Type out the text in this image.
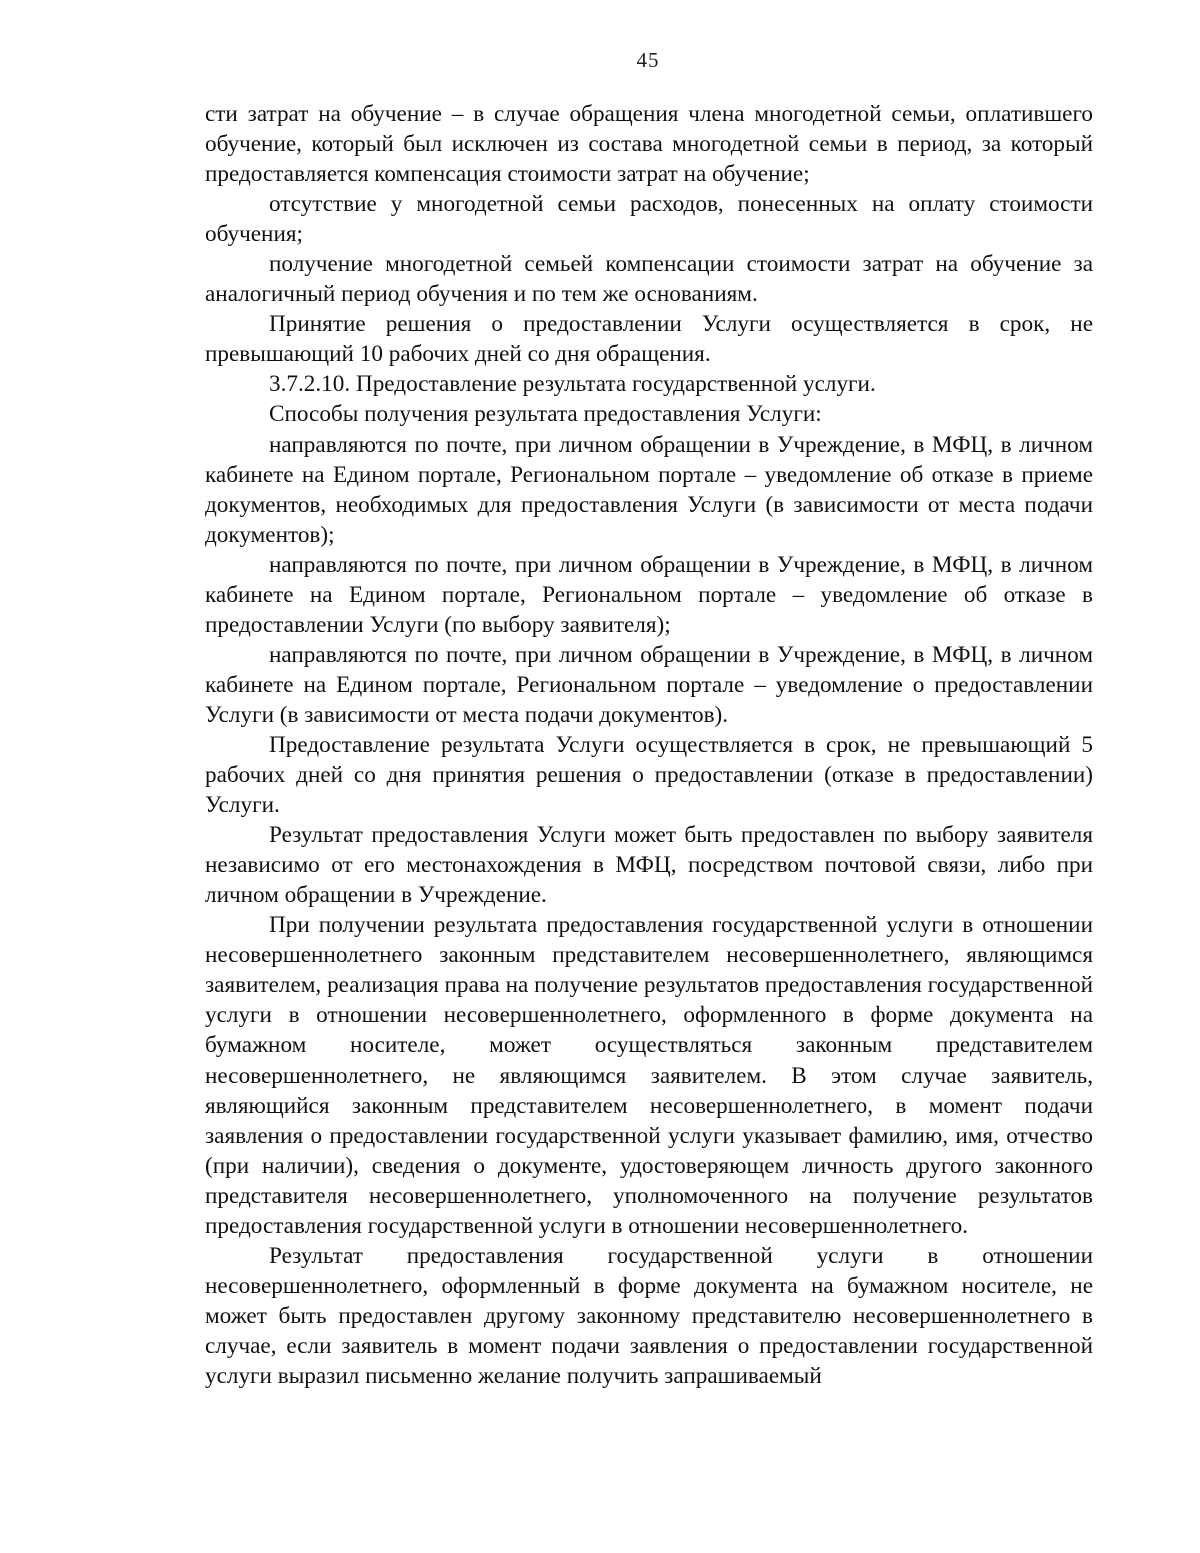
45

сти затрат на обучение – в случае обращения члена многодетной семьи, оплатившего обучение, который был исключен из состава многодетной семьи в период, за который предоставляется компенсация стоимости затрат на обучение;

отсутствие у многодетной семьи расходов, понесенных на оплату стоимости обучения;

получение многодетной семьей компенсации стоимости затрат на обучение за аналогичный период обучения и по тем же основаниям.

Принятие решения о предоставлении Услуги осуществляется в срок, не превышающий 10 рабочих дней со дня обращения.

3.7.2.10. Предоставление результата государственной услуги.

Способы получения результата предоставления Услуги:

направляются по почте, при личном обращении в Учреждение, в МФЦ, в личном кабинете на Едином портале, Региональном портале – уведомление об отказе в приеме документов, необходимых для предоставления Услуги (в зависимости от места подачи документов);

направляются по почте, при личном обращении в Учреждение, в МФЦ, в личном кабинете на Едином портале, Региональном портале – уведомление об отказе в предоставлении Услуги (по выбору заявителя);

направляются по почте, при личном обращении в Учреждение, в МФЦ, в личном кабинете на Едином портале, Региональном портале – уведомление о предоставлении Услуги (в зависимости от места подачи документов).

Предоставление результата Услуги осуществляется в срок, не превышающий 5 рабочих дней со дня принятия решения о предоставлении (отказе в предоставлении) Услуги.

Результат предоставления Услуги может быть предоставлен по выбору заявителя независимо от его местонахождения в МФЦ, посредством почтовой связи, либо при личном обращении в Учреждение.

При получении результата предоставления государственной услуги в отношении несовершеннолетнего законным представителем несовершеннолетнего, являющимся заявителем, реализация права на получение результатов предоставления государственной услуги в отношении несовершеннолетнего, оформленного в форме документа на бумажном носителе, может осуществляться законным представителем несовершеннолетнего, не являющимся заявителем. В этом случае заявитель, являющийся законным представителем несовершеннолетнего, в момент подачи заявления о предоставлении государственной услуги указывает фамилию, имя, отчество (при наличии), сведения о документе, удостоверяющем личность другого законного представителя несовершеннолетнего, уполномоченного на получение результатов предоставления государственной услуги в отношении несовершеннолетнего.

Результат предоставления государственной услуги в отношении несовершеннолетнего, оформленный в форме документа на бумажном носителе, не может быть предоставлен другому законному представителю несовершеннолетнего в случае, если заявитель в момент подачи заявления о предоставлении государственной услуги выразил письменно желание получить запрашиваемый
